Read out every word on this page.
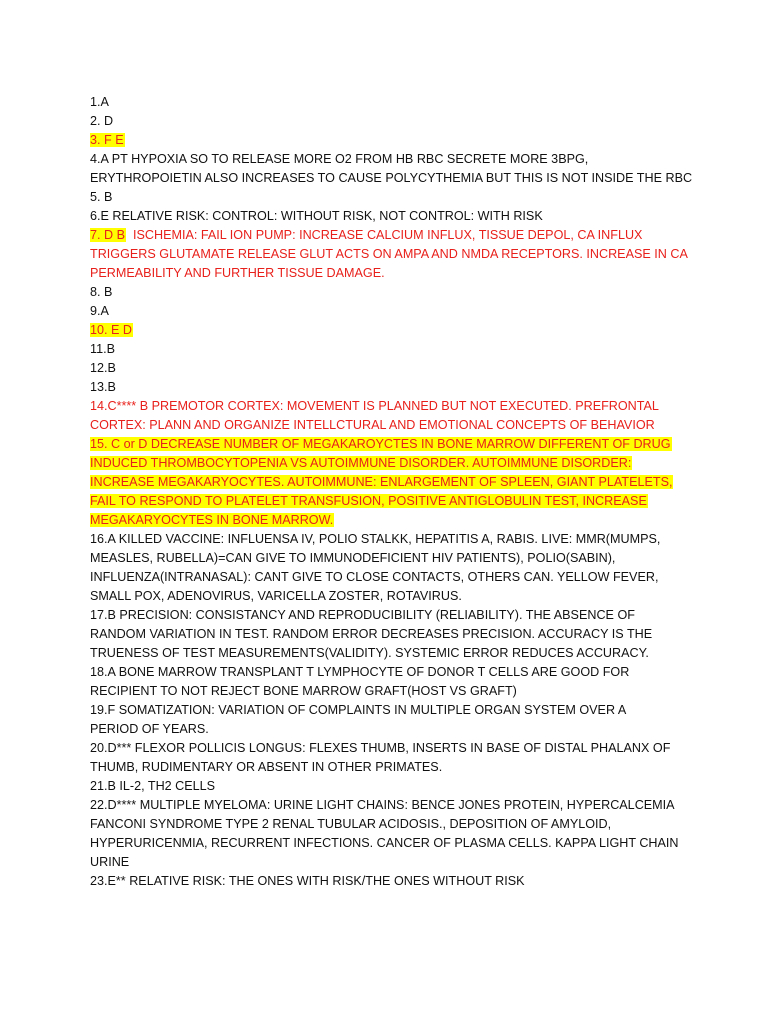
1.A
2. D
3. F E
4.A PT HYPOXIA SO TO RELEASE MORE O2 FROM HB RBC SECRETE MORE 3BPG,
ERYTHROPOIETIN ALSO INCREASES TO CAUSE POLYCYTHEMIA BUT THIS IS NOT INSIDE THE RBC
5. B
6.E RELATIVE RISK: CONTROL: WITHOUT RISK, NOT CONTROL: WITH RISK
7. D B  ISCHEMIA: FAIL ION PUMP: INCREASE CALCIUM INFLUX, TISSUE DEPOL, CA INFLUX
TRIGGERS GLUTAMATE RELEASE GLUT ACTS ON AMPA AND NMDA RECEPTORS. INCREASE IN CA
PERMEABILITY AND FURTHER TISSUE DAMAGE.
8. B
9.A
10. E D
11.B
12.B
13.B
14.C**** B PREMOTOR CORTEX: MOVEMENT IS PLANNED BUT NOT EXECUTED. PREFRONTAL
CORTEX: PLANN AND ORGANIZE INTELLCTURAL AND EMOTIONAL CONCEPTS OF BEHAVIOR
15. C or D DECREASE NUMBER OF MEGAKAROYCTES IN BONE MARROW DIFFERENT OF DRUG
INDUCED THROMBOCYTOPENIA VS AUTOIMMUNE DISORDER. AUTOIMMUNE DISORDER:
INCREASE MEGAKARYOCYTES. AUTOIMMUNE: ENLARGEMENT OF SPLEEN, GIANT PLATELETS,
FAIL TO RESPOND TO PLATELET TRANSFUSION, POSITIVE ANTIGLOBULIN TEST, INCREASE
MEGAKARYOCYTES IN BONE MARROW.
16.A KILLED VACCINE: INFLUENSA IV, POLIO STALKK, HEPATITIS A, RABIS. LIVE: MMR(MUMPS,
MEASLES, RUBELLA)=CAN GIVE TO IMMUNODEFICIENT HIV PATIENTS), POLIO(SABIN),
INFLUENZA(INTRANASAL): CANT GIVE TO CLOSE CONTACTS, OTHERS CAN. YELLOW FEVER,
SMALL POX, ADENOVIRUS, VARICELLA ZOSTER, ROTAVIRUS.
17.B PRECISION: CONSISTANCY AND REPRODUCIBILITY (RELIABILITY). THE ABSENCE OF
RANDOM VARIATION IN TEST. RANDOM ERROR DECREASES PRECISION. ACCURACY IS THE
TRUENESS OF TEST MEASUREMENTS(VALIDITY). SYSTEMIC ERROR REDUCES ACCURACY.
18.A BONE MARROW TRANSPLANT T LYMPHOCYTE OF DONOR T CELLS ARE GOOD FOR
RECIPIENT TO NOT REJECT BONE MARROW GRAFT(HOST VS GRAFT)
19.F SOMATIZATION: VARIATION OF COMPLAINTS IN MULTIPLE ORGAN SYSTEM OVER A
PERIOD OF YEARS.
20.D*** FLEXOR POLLICIS LONGUS: FLEXES THUMB, INSERTS IN BASE OF DISTAL PHALANX OF
THUMB, RUDIMENTARY OR ABSENT IN OTHER PRIMATES.
21.B IL-2, TH2 CELLS
22.D**** MULTIPLE MYELOMA: URINE LIGHT CHAINS: BENCE JONES PROTEIN, HYPERCALCEMIA
FANCONI SYNDROME TYPE 2 RENAL TUBULAR ACIDOSIS., DEPOSITION OF AMYLOID,
HYPERURICENMIA, RECURRENT INFECTIONS. CANCER OF PLASMA CELLS. KAPPA LIGHT CHAIN
URINE
23.E** RELATIVE RISK: THE ONES WITH RISK/THE ONES WITHOUT RISK
